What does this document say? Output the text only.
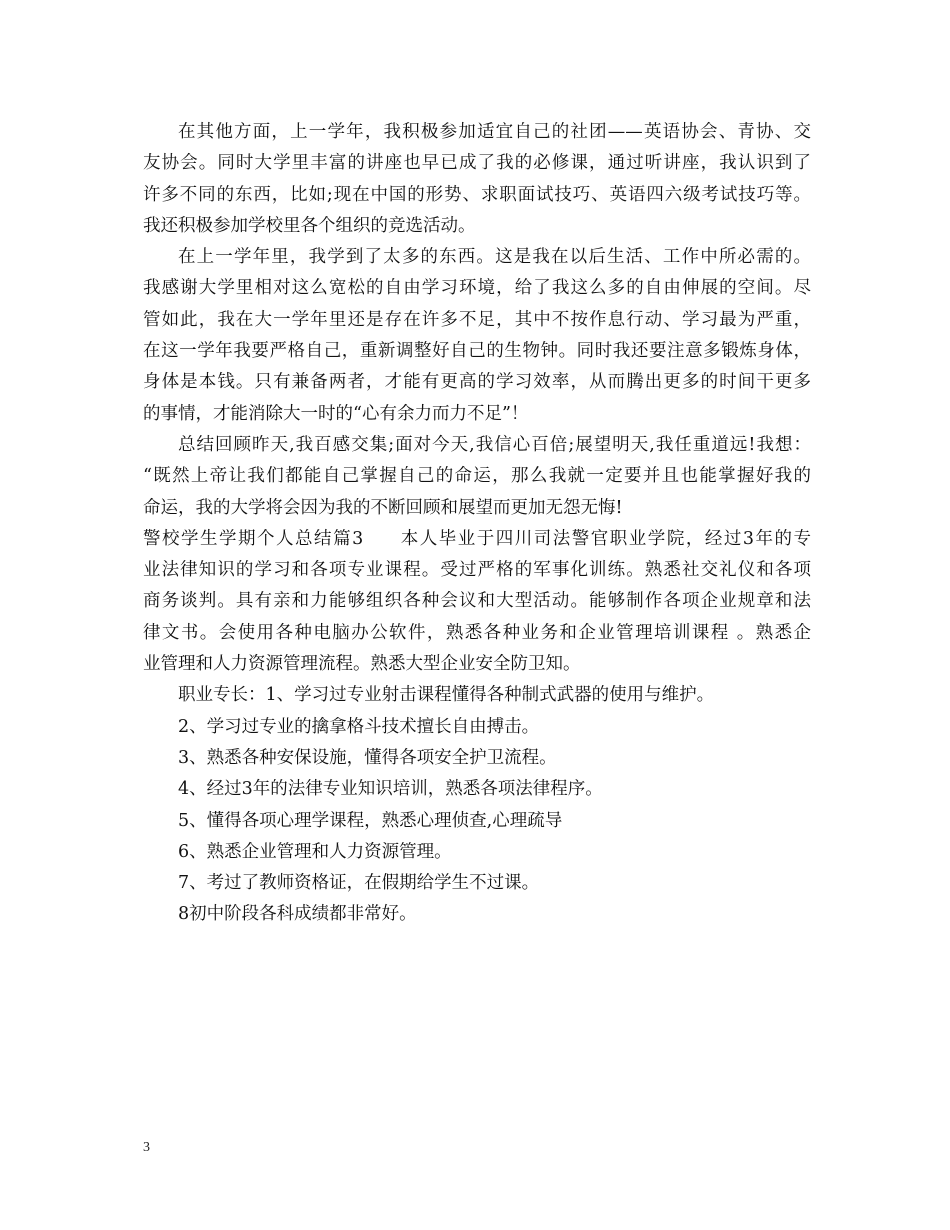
在其他方面，上一学年，我积极参加适宜自己的社团——英语协会、青协、交
友协会。同时大学里丰富的讲座也早已成了我的必修课，通过听讲座，我认识到了
许多不同的东西，比如;现在中国的形势、求职面试技巧、英语四六级考试技巧等。
我还积极参加学校里各个组织的竞选活动。
在上一学年里，我学到了太多的东西。这是我在以后生活、工作中所必需的。
我感谢大学里相对这么宽松的自由学习环境，给了我这么多的自由伸展的空间。尽
管如此，我在大一学年里还是存在许多不足，其中不按作息行动、学习最为严重，
在这一学年我要严格自己，重新调整好自己的生物钟。同时我还要注意多锻炼身体，
身体是本钱。只有兼备两者，才能有更高的学习效率，从而腾出更多的时间干更多
的事情，才能消除大一时的“心有余力而力不足”！
总结回顾昨天,我百感交集;面对今天,我信心百倍;展望明天,我任重道远!我想：
“既然上帝让我们都能自己掌握自己的命运，那么我就一定要并且也能掌握好我的
命运，我的大学将会因为我的不断回顾和展望而更加无怨无悔!
警校学生学期个人总结篇3 本人毕业于四川司法警官职业学院，经过3年的专
业法律知识的学习和各项专业课程。受过严格的军事化训练。熟悉社交礼仪和各项
商务谈判。具有亲和力能够组织各种会议和大型活动。能够制作各项企业规章和法
律文书。会使用各种电脑办公软件，熟悉各种业务和企业管理培训课程 。熟悉企
业管理和人力资源管理流程。熟悉大型企业安全防卫知。
职业专长：1、学习过专业射击课程懂得各种制式武器的使用与维护。
2、学习过专业的擒拿格斗技术擅长自由搏击。
3、熟悉各种安保设施，懂得各项安全护卫流程。
4、经过3年的法律专业知识培训，熟悉各项法律程序。
5、懂得各项心理学课程，熟悉心理侦查,心理疏导
6、熟悉企业管理和人力资源管理。
7、考过了教师资格证，在假期给学生不过课。
8初中阶段各科成绩都非常好。
3
